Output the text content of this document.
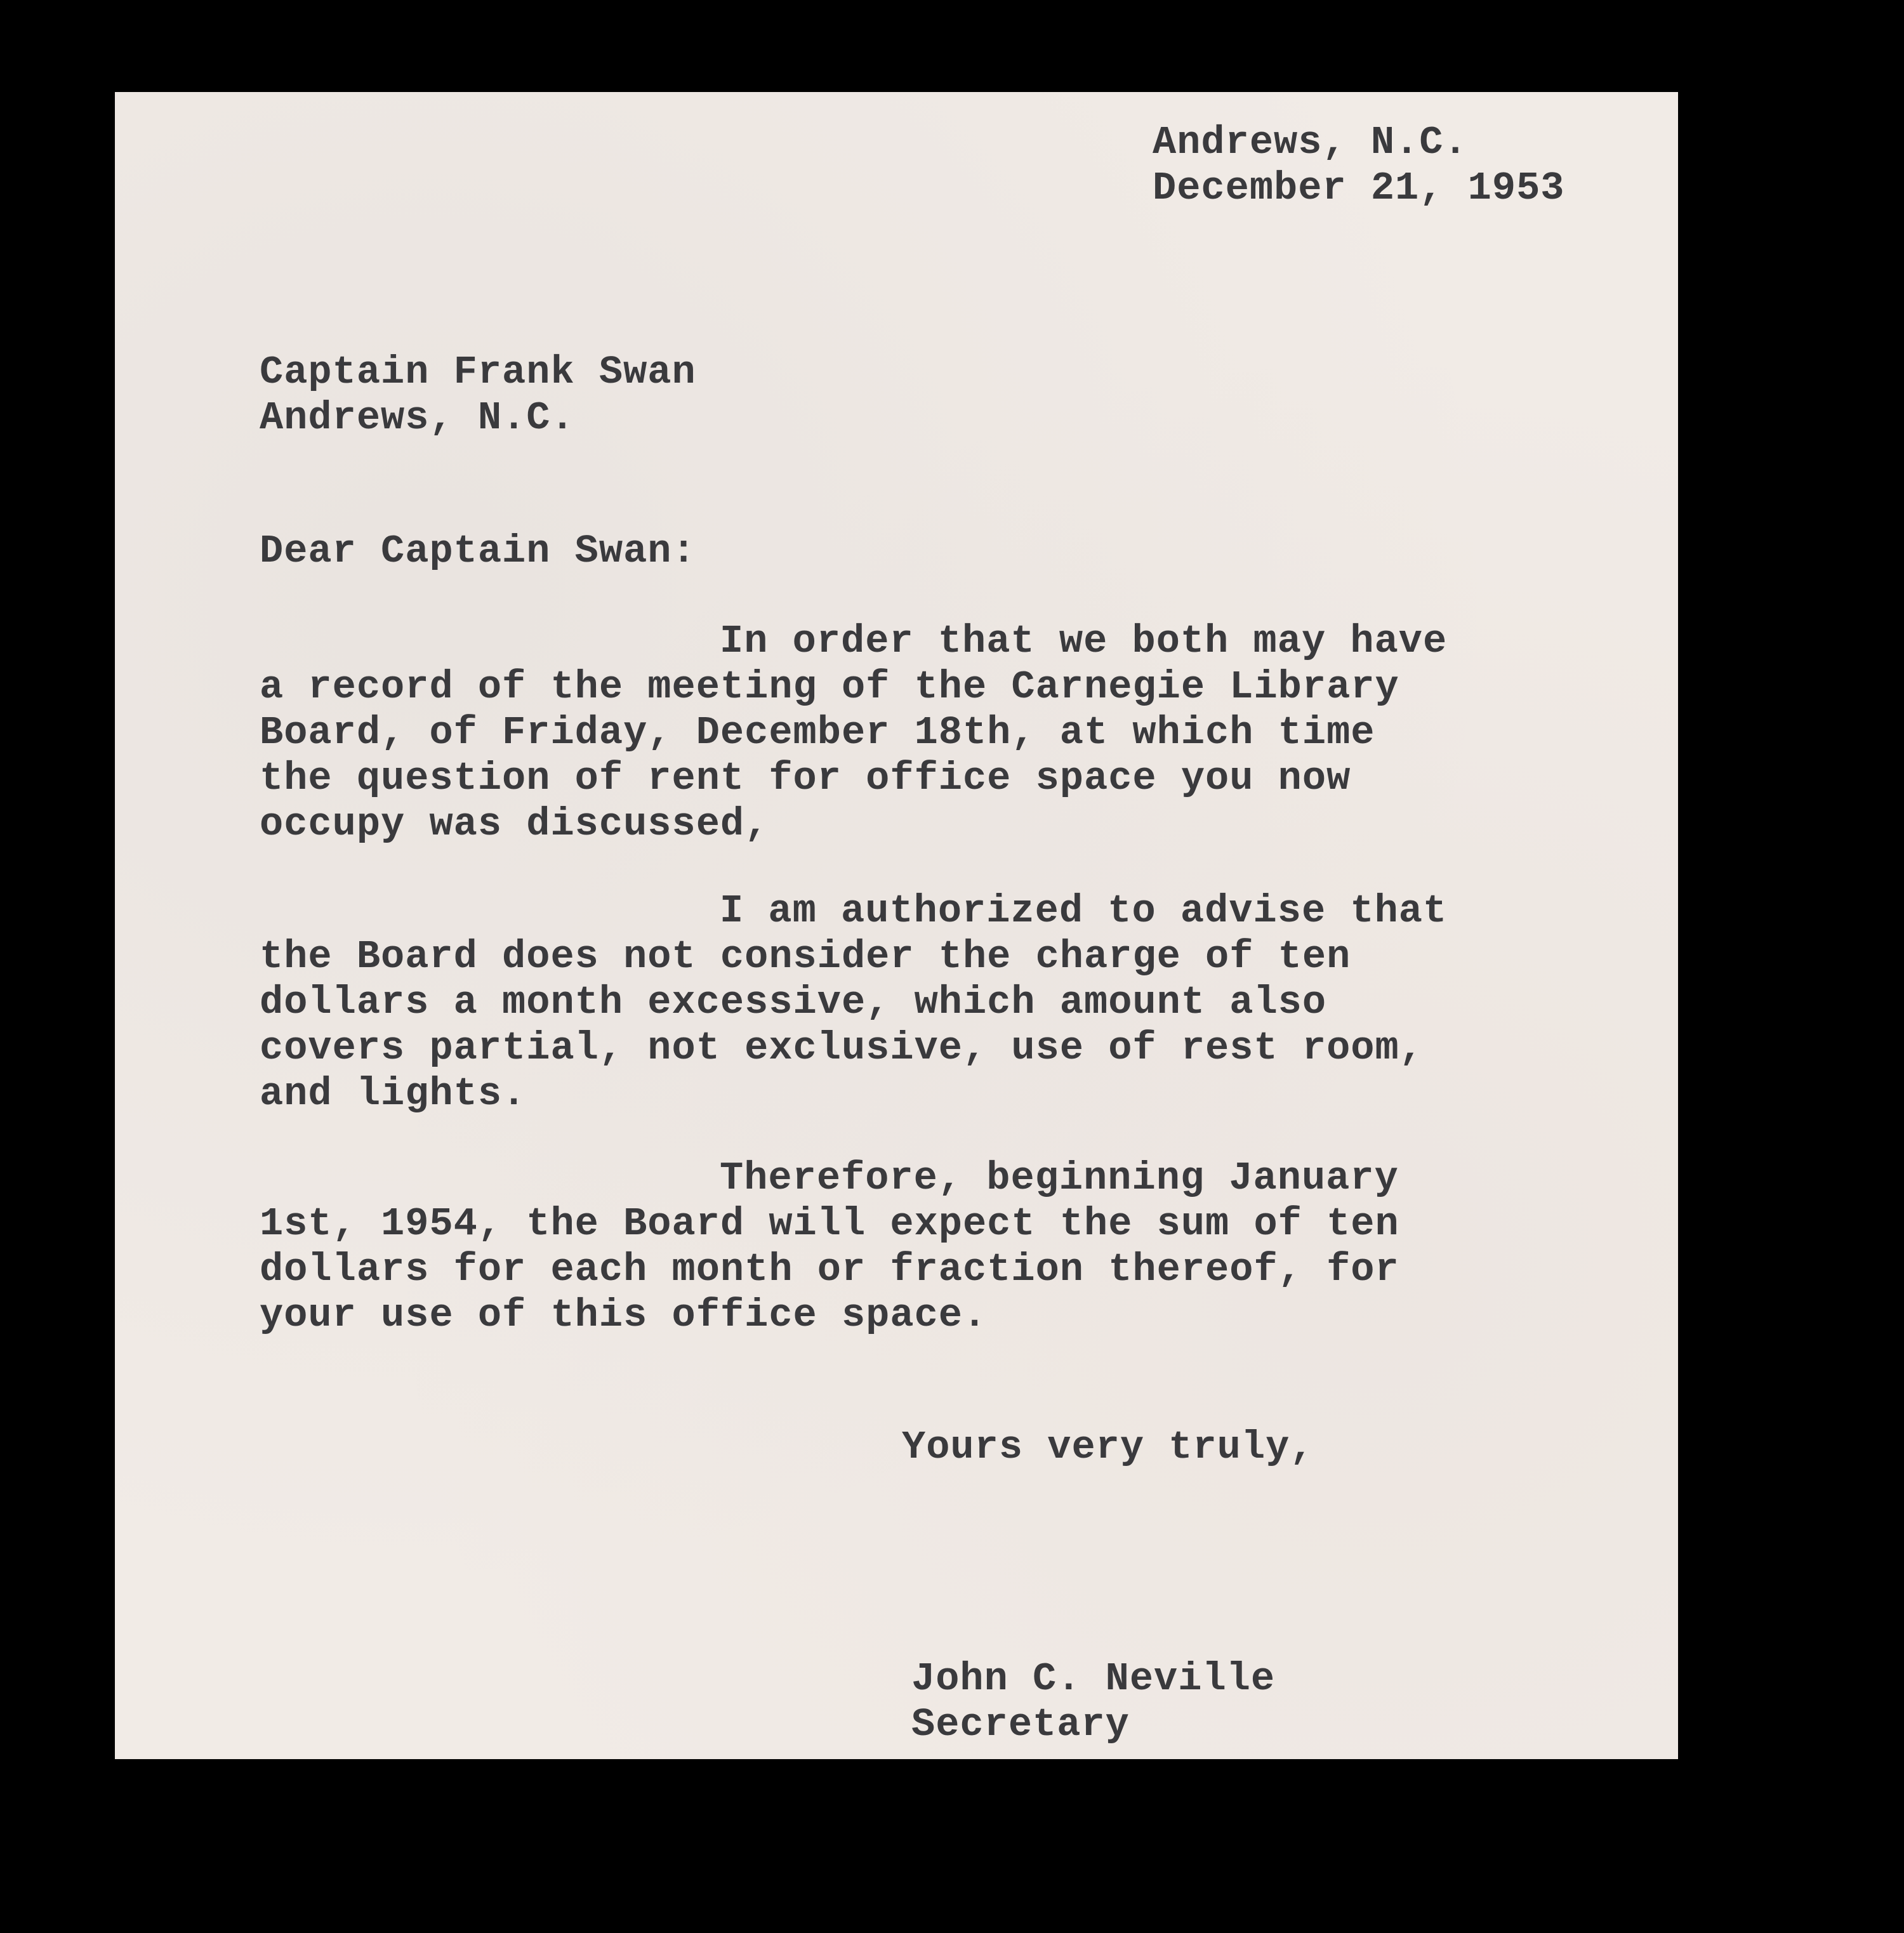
Andrews, N.C.
December 21, 1953
Captain Frank Swan
Andrews, N.C.
Dear Captain Swan:
In order that we both may have
a record of the meeting of the Carnegie Library
Board, of Friday, December 18th, at which time
the question of rent for office space you now
occupy was discussed,
I am authorized to advise that
the Board does not consider the charge of ten
dollars a month excessive, which amount also
covers partial, not exclusive, use of rest room,
and lights.
Therefore, beginning January
1st, 1954, the Board will expect the sum of ten
dollars for each month or fraction thereof, for
your use of this office space.
Yours very truly,
John C. Neville
Secretary
